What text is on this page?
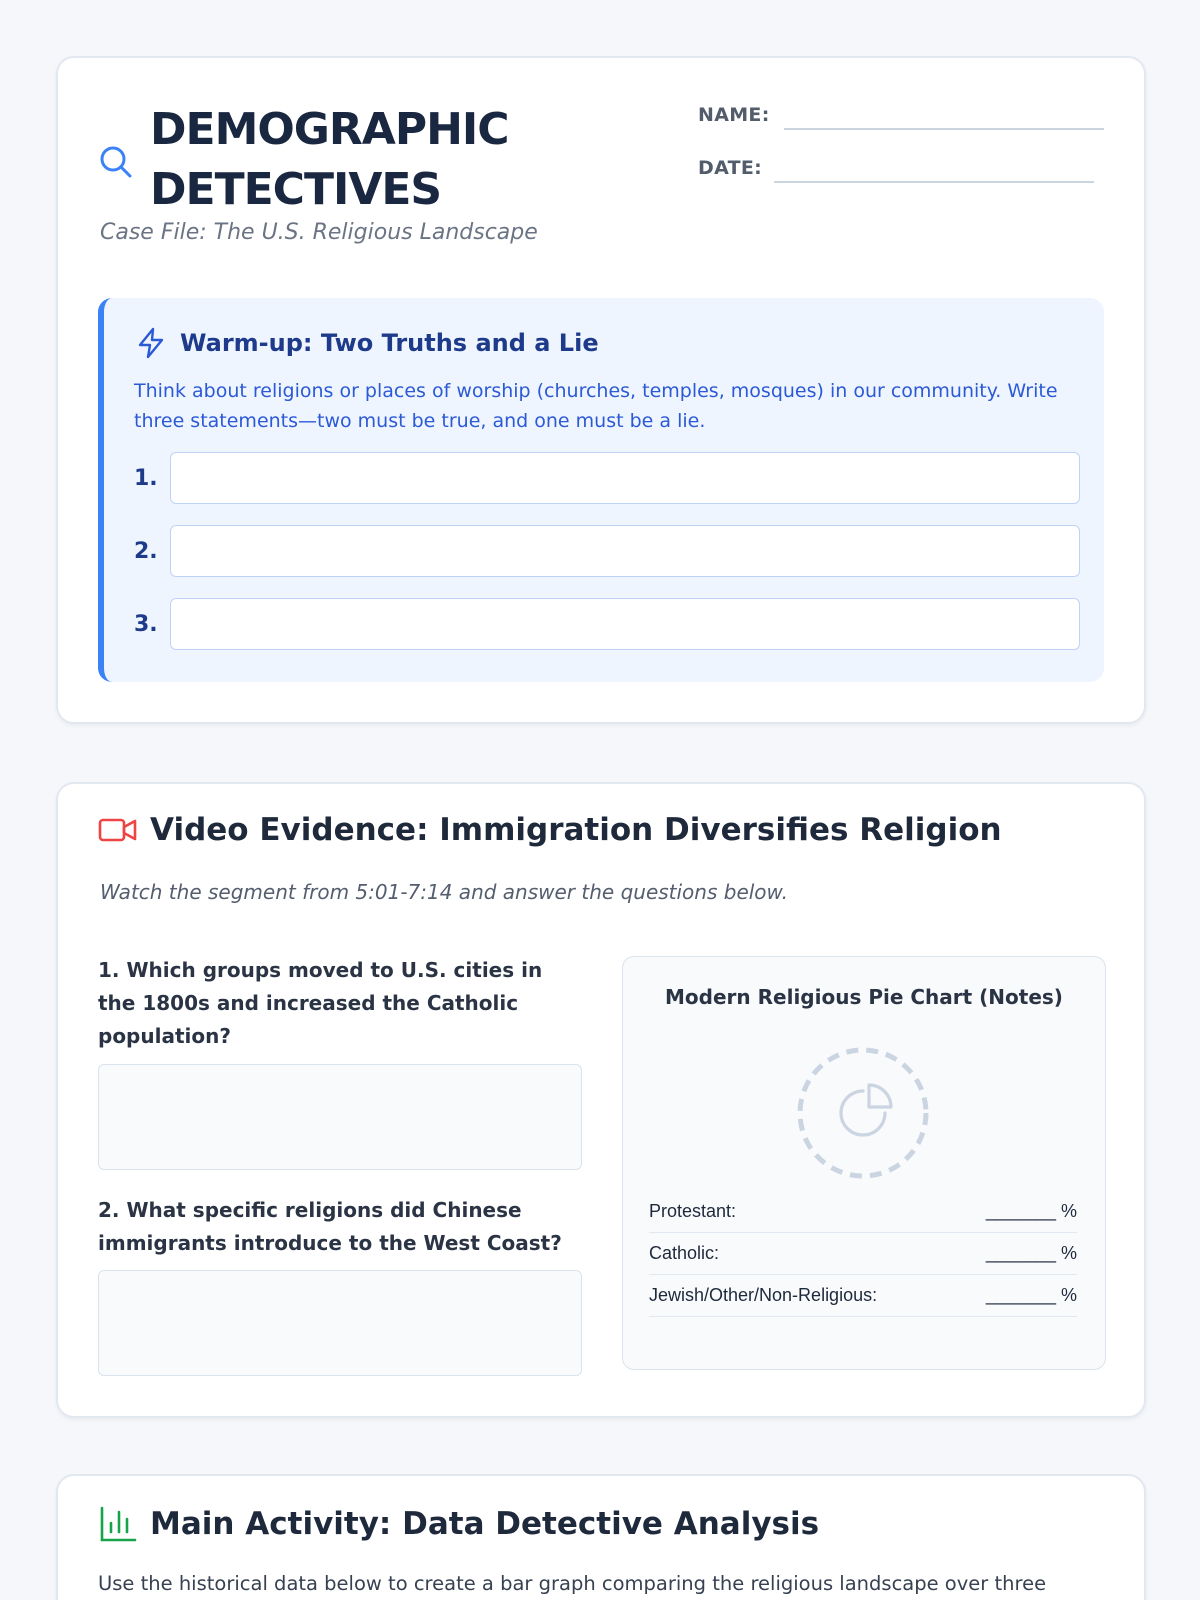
DEMOGRAPHIC
DETECTIVES
Case File: The U.S. Religious Landscape
NAME:
DATE:
Warm-up: Two Truths and a Lie
Think about religions or places of worship (churches, temples, mosques) in our community. Write three statements—two must be true, and one must be a lie.
1.
2.
3.
Video Evidence: Immigration Diversifies Religion
Watch the segment from 5:01-7:14 and answer the questions below.
1. Which groups moved to U.S. cities in the 1800s and increased the Catholic population?
2. What specific religions did Chinese immigrants introduce to the West Coast?
Modern Religious Pie Chart (Notes)
Protestant:	_______ %
Catholic:	_______ %
Jewish/Other/Non-Religious:	_______ %
Main Activity: Data Detective Analysis
Use the historical data below to create a bar graph comparing the religious landscape over three
